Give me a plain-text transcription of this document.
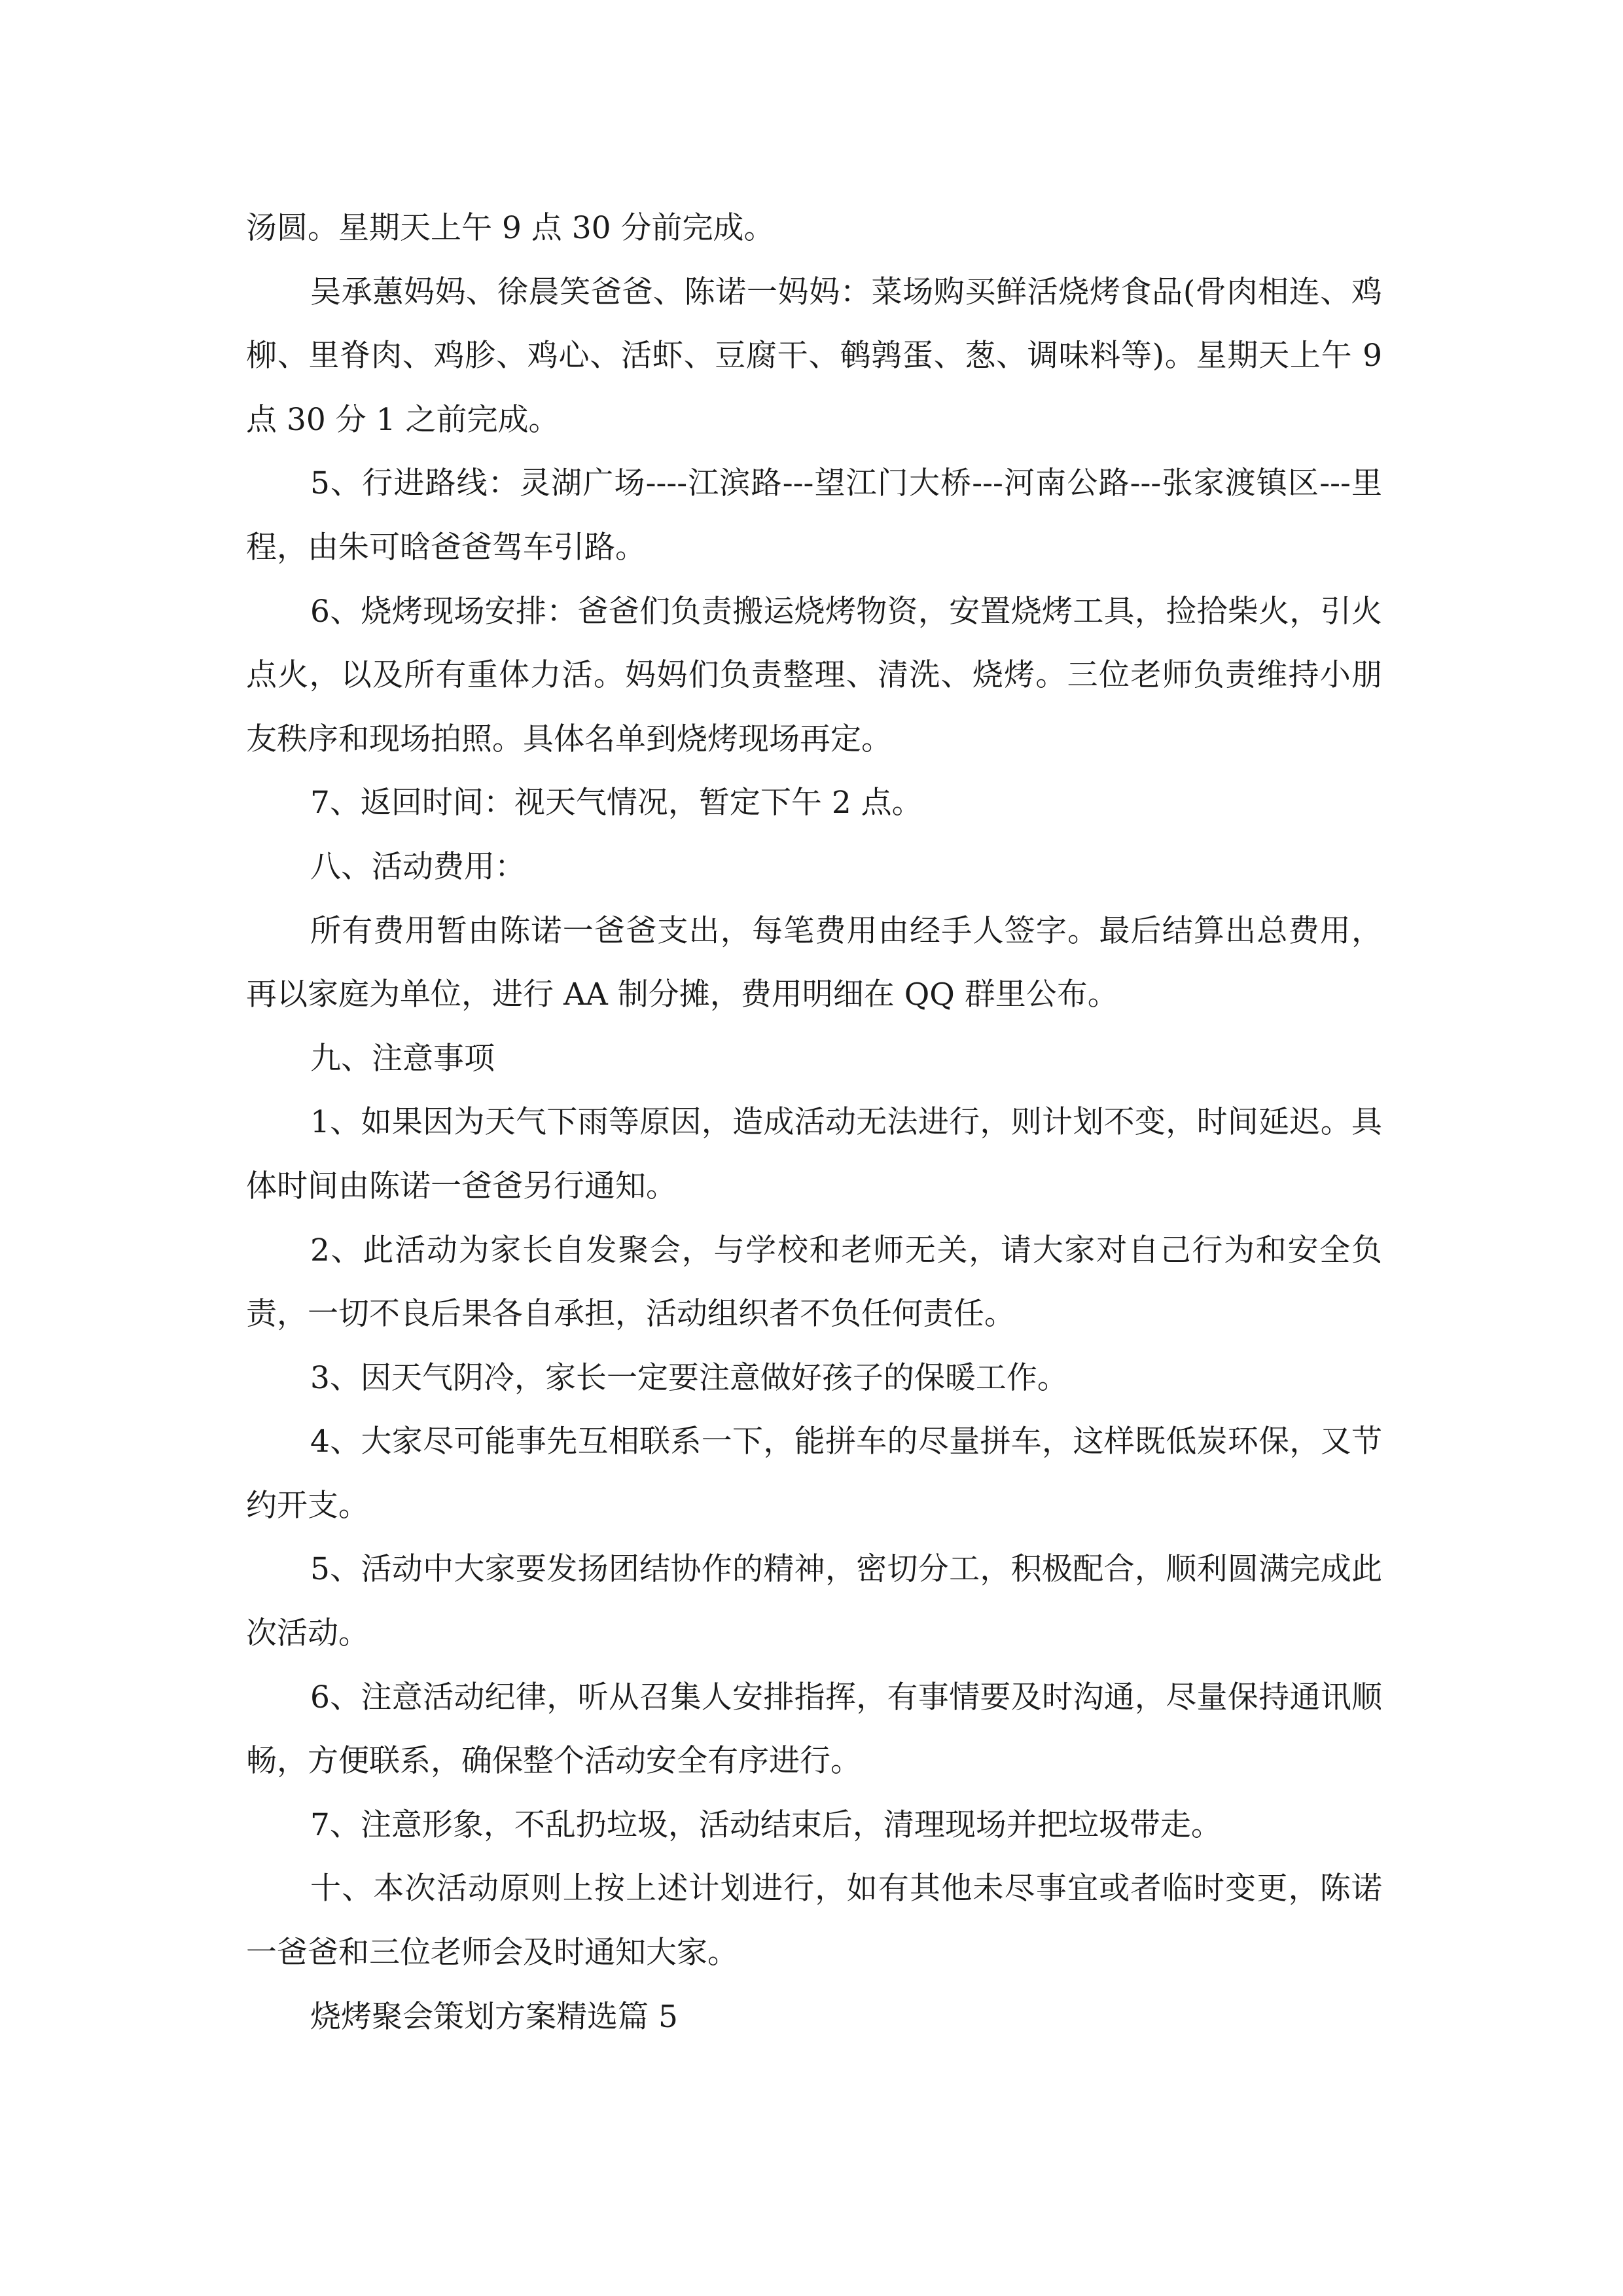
汤圆。星期天上午 9 点 30 分前完成。

吴承蕙妈妈、徐晨笑爸爸、陈诺一妈妈：菜场购买鲜活烧烤食品(骨肉相连、鸡柳、里脊肉、鸡胗、鸡心、活虾、豆腐干、鹌鹑蛋、葱、调味料等)。星期天上午 9 点 30 分 1 之前完成。

5、行进路线：灵湖广场----江滨路---望江门大桥---河南公路---张家渡镇区---里程，由朱可晗爸爸驾车引路。

6、烧烤现场安排：爸爸们负责搬运烧烤物资，安置烧烤工具，捡拾柴火，引火点火，以及所有重体力活。妈妈们负责整理、清洗、烧烤。三位老师负责维持小朋友秩序和现场拍照。具体名单到烧烤现场再定。

7、返回时间：视天气情况，暂定下午 2 点。

八、活动费用：

所有费用暂由陈诺一爸爸支出，每笔费用由经手人签字。最后结算出总费用，再以家庭为单位，进行 AA 制分摊，费用明细在 QQ 群里公布。

九、注意事项

1、如果因为天气下雨等原因，造成活动无法进行，则计划不变，时间延迟。具体时间由陈诺一爸爸另行通知。

2、此活动为家长自发聚会，与学校和老师无关，请大家对自己行为和安全负责，一切不良后果各自承担，活动组织者不负任何责任。

3、因天气阴冷，家长一定要注意做好孩子的保暖工作。

4、大家尽可能事先互相联系一下，能拼车的尽量拼车，这样既低炭环保，又节约开支。

5、活动中大家要发扬团结协作的精神，密切分工，积极配合，顺利圆满完成此次活动。

6、注意活动纪律，听从召集人安排指挥，有事情要及时沟通，尽量保持通讯顺畅，方便联系，确保整个活动安全有序进行。

7、注意形象，不乱扔垃圾，活动结束后，清理现场并把垃圾带走。

十、本次活动原则上按上述计划进行，如有其他未尽事宜或者临时变更，陈诺一爸爸和三位老师会及时通知大家。

烧烤聚会策划方案精选篇 5
